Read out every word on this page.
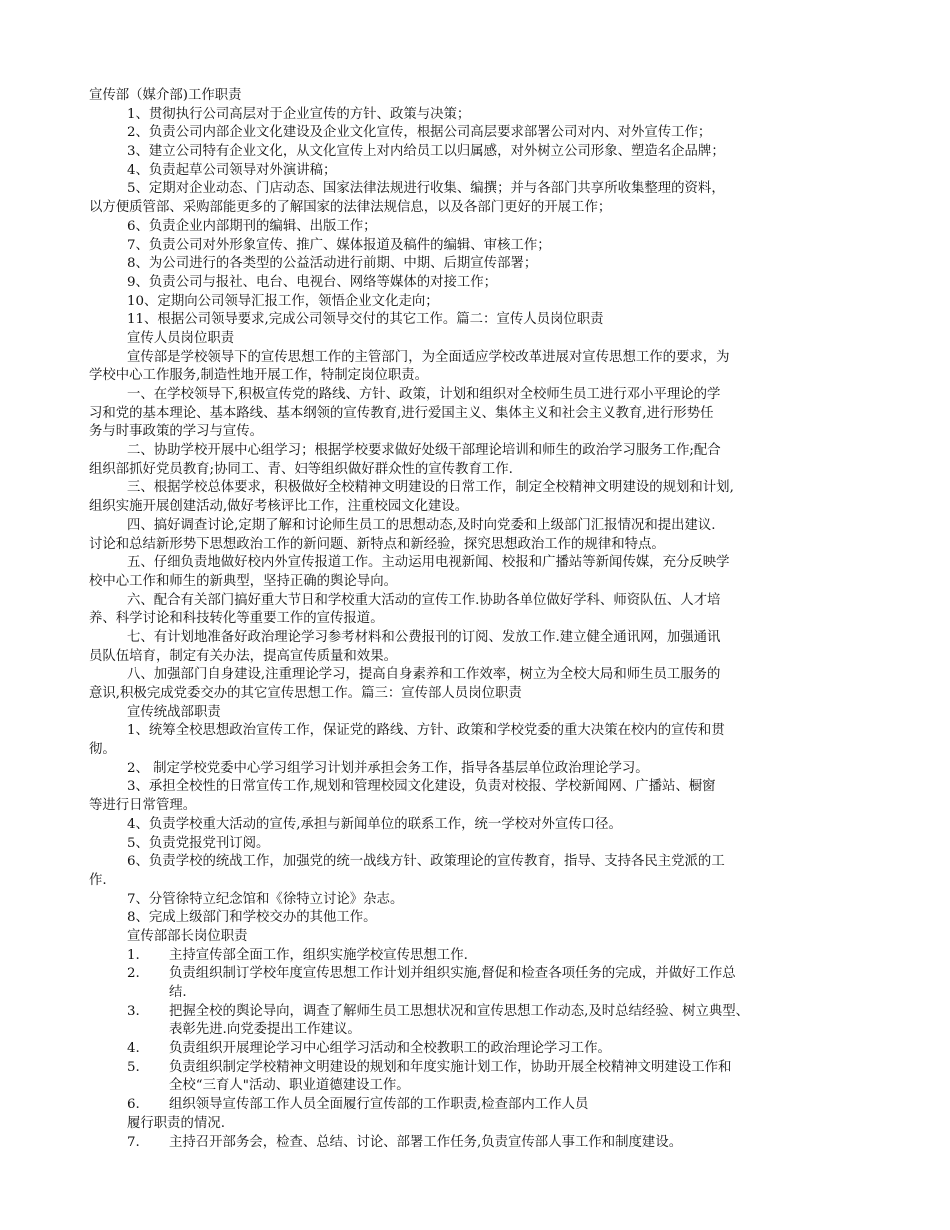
宣传部（媒介部)工作职责
1、贯彻执行公司高层对于企业宣传的方针、政策与决策；
2、负责公司内部企业文化建设及企业文化宣传，根据公司高层要求部署公司对内、对外宣传工作；
3、建立公司特有企业文化，从文化宣传上对内给员工以归属感，对外树立公司形象、塑造名企品牌；
4、负责起草公司领导对外演讲稿；
5、定期对企业动态、门店动态、国家法律法规进行收集、编撰；并与各部门共享所收集整理的资料，
以方便质管部、采购部能更多的了解国家的法律法规信息，以及各部门更好的开展工作；
6、负责企业内部期刊的编辑、出版工作；
7、负责公司对外形象宣传、推广、媒体报道及稿件的编辑、审核工作；
8、为公司进行的各类型的公益活动进行前期、中期、后期宣传部署；
9、负责公司与报社、电台、电视台、网络等媒体的对接工作；
10、定期向公司领导汇报工作，领悟企业文化走向；
11、根据公司领导要求,完成公司领导交付的其它工作。篇二：宣传人员岗位职责
宣传人员岗位职责
宣传部是学校领导下的宣传思想工作的主管部门，为全面适应学校改革进展对宣传思想工作的要求，为
学校中心工作服务,制造性地开展工作，特制定岗位职责。
一、在学校领导下,积极宣传党的路线、方针、政策，计划和组织对全校师生员工进行邓小平理论的学
习和党的基本理论、基本路线、基本纲领的宣传教育,进行爱国主义、集体主义和社会主义教育,进行形势任
务与时事政策的学习与宣传。
二、协助学校开展中心组学习；根据学校要求做好处级干部理论培训和师生的政治学习服务工作;配合
组织部抓好党员教育;协同工、青、妇等组织做好群众性的宣传教育工作.
三、根据学校总体要求，积极做好全校精神文明建设的日常工作，制定全校精神文明建设的规划和计划,
组织实施开展创建活动,做好考核评比工作，注重校园文化建设。
四、搞好调查讨论,定期了解和讨论师生员工的思想动态,及时向党委和上级部门汇报情况和提出建议.
讨论和总结新形势下思想政治工作的新问题、新特点和新经验，探究思想政治工作的规律和特点。
五、仔细负责地做好校内外宣传报道工作。主动运用电视新闻、校报和广播站等新闻传媒，充分反映学
校中心工作和师生的新典型，坚持正确的舆论导向。
六、配合有关部门搞好重大节日和学校重大活动的宣传工作.协助各单位做好学科、师资队伍、人才培
养、科学讨论和科技转化等重要工作的宣传报道。
七、有计划地准备好政治理论学习参考材料和公费报刊的订阅、发放工作.建立健全通讯网，加强通讯
员队伍培育，制定有关办法，提高宣传质量和效果。
八、加强部门自身建设,注重理论学习，提高自身素养和工作效率，树立为全校大局和师生员工服务的
意识,积极完成党委交办的其它宣传思想工作。篇三：宣传部人员岗位职责
宣传统战部职责
1、统筹全校思想政治宣传工作，保证党的路线、方针、政策和学校党委的重大决策在校内的宣传和贯
彻。
2、 制定学校党委中心学习组学习计划并承担会务工作，指导各基层单位政治理论学习。
3、承担全校性的日常宣传工作,规划和管理校园文化建设，负责对校报、学校新闻网、广播站、橱窗
等进行日常管理。
4、负责学校重大活动的宣传,承担与新闻单位的联系工作，统一学校对外宣传口径。
5、负责党报党刊订阅。
6、负责学校的统战工作，加强党的统一战线方针、政策理论的宣传教育，指导、支持各民主党派的工
作.
7、分管徐特立纪念馆和《徐特立讨论》杂志。
8、完成上级部门和学校交办的其他工作。
宣传部部长岗位职责
1. 主持宣传部全面工作，组织实施学校宣传思想工作.
2. 负责组织制订学校年度宣传思想工作计划并组织实施,督促和检查各项任务的完成，并做好工作总
结.
3. 把握全校的舆论导向，调查了解师生员工思想状况和宣传思想工作动态,及时总结经验、树立典型、
表彰先进.向党委提出工作建议。
4. 负责组织开展理论学习中心组学习活动和全校教职工的政治理论学习工作。
5. 负责组织制定学校精神文明建设的规划和年度实施计划工作，协助开展全校精神文明建设工作和
全校“三育人"活动、职业道德建设工作。
6. 组织领导宣传部工作人员全面履行宣传部的工作职责,检查部内工作人员
履行职责的情况.
7. 主持召开部务会，检查、总结、讨论、部署工作任务,负责宣传部人事工作和制度建设。
